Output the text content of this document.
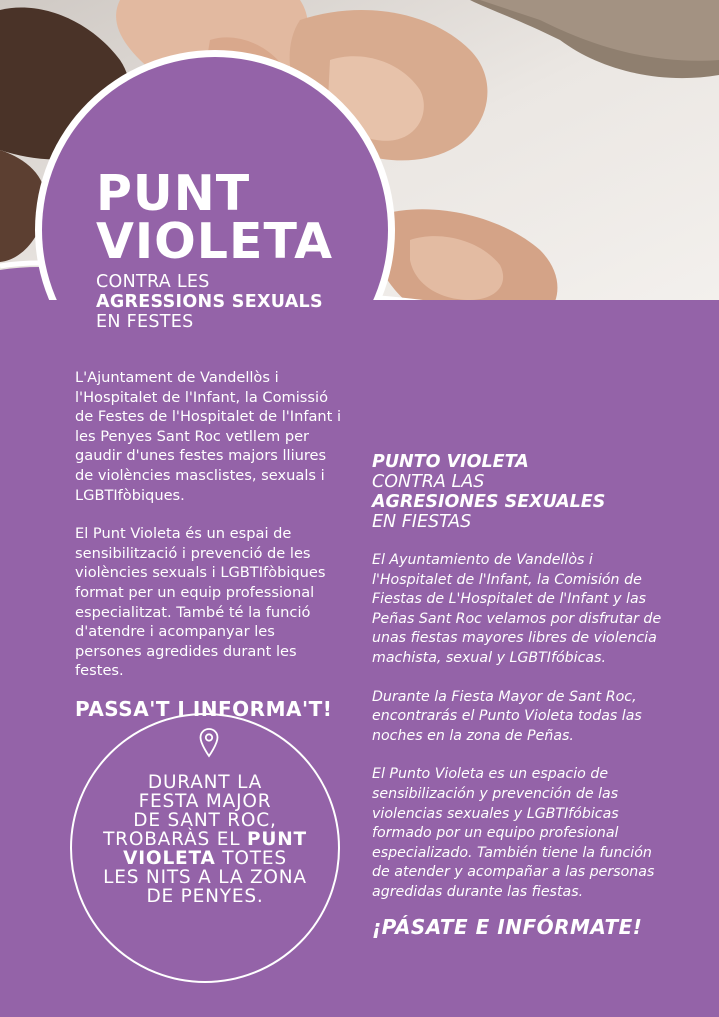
PUNT
VIOLETA
CONTRA LES
AGRESSIONS SEXUALS
EN FESTES

L'Ajuntament de Vandellòs i l'Hospitalet de l'Infant, la Comissió de Festes de l'Hospitalet de l'Infant i les Penyes Sant Roc vetllem per gaudir d'unes festes majors lliures de violències masclistes, sexuals i LGBTIfòbiques.

El Punt Violeta és un espai de sensibilització i prevenció de les violències sexuals i LGBTIfòbiques format per un equip professional especialitzat. També té la funció d'atendre i acompanyar les persones agredides durant les festes.

PASSA'T I INFORMA'T!
DURANT LA
FESTA MAJOR
DE SANT ROC,
TROBARÀS EL PUNT
VIOLETA TOTES
LES NITS A LA ZONA
DE PENYES.
PUNTO VIOLETA
CONTRA LAS
AGRESIONES SEXUALES
EN FIESTAS

El Ayuntamiento de Vandellòs i l'Hospitalet de l'Infant, la Comisión de Fiestas de L'Hospitalet de l'Infant y las Peñas Sant Roc velamos por disfrutar de unas fiestas mayores libres de violencia machista, sexual y LGBTIfóbicas.

Durante la Fiesta Mayor de Sant Roc, encontrarás el Punto Violeta todas las noches en la zona de Peñas.

El Punto Violeta es un espacio de sensibilización y prevención de las violencias sexuales y LGBTIfóbicas formado por un equipo profesional especializado. También tiene la función de atender y acompañar a las personas agredidas durante las fiestas.

¡PÁSATE E INFÓRMATE!
